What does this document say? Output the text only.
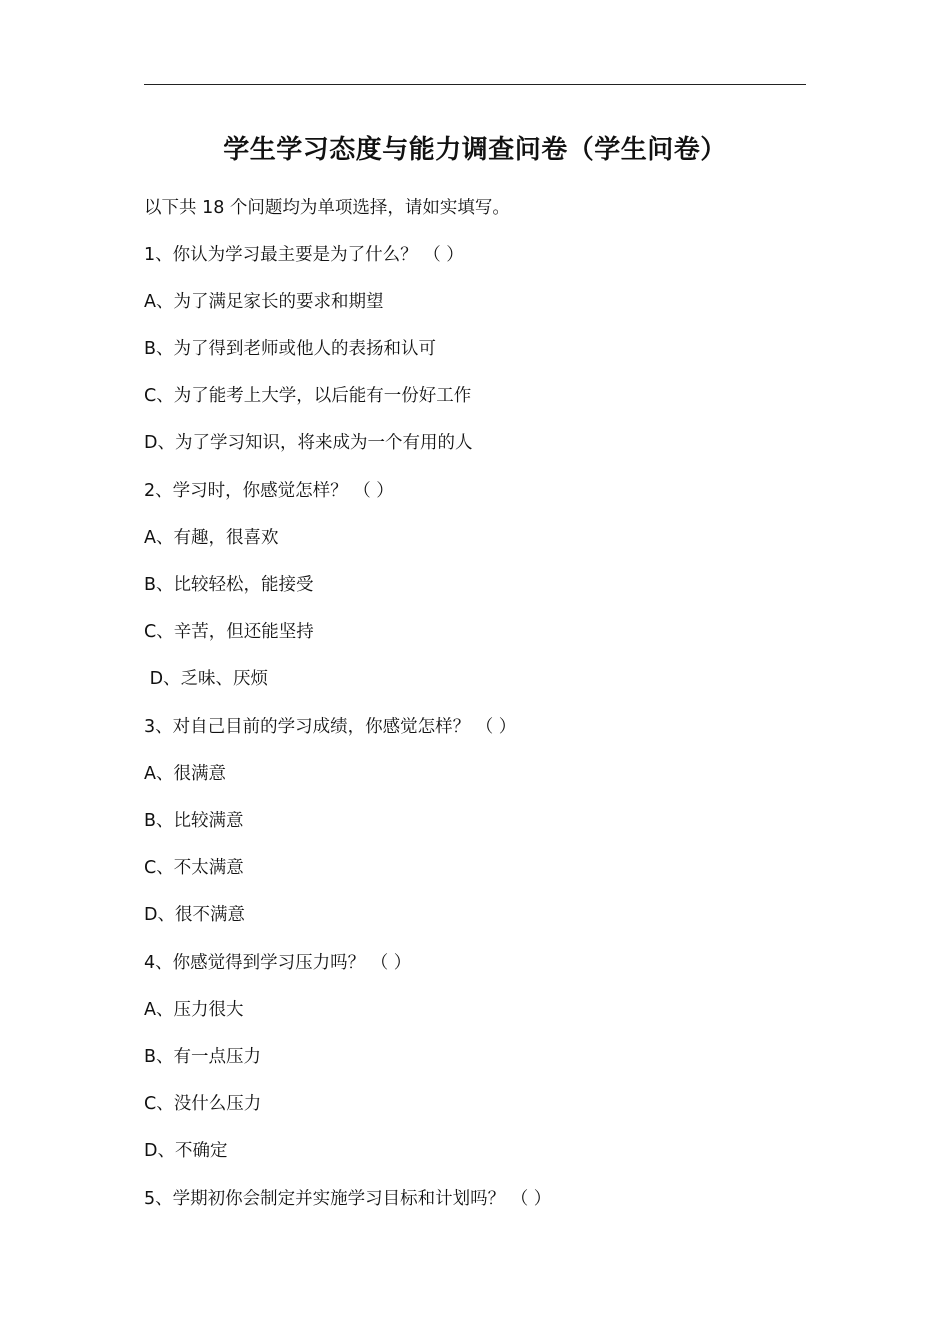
学生学习态度与能力调查问卷（学生问卷）
以下共 18 个问题均为单项选择，请如实填写。
1、你认为学习最主要是为了什么？ （ ）
A、为了满足家长的要求和期望
B、为了得到老师或他人的表扬和认可
C、为了能考上大学，以后能有一份好工作
D、为了学习知识，将来成为一个有用的人
2、学习时，你感觉怎样？ （ ）
A、有趣，很喜欢
B、比较轻松，能接受
C、辛苦，但还能坚持
D、乏味、厌烦
3、对自己目前的学习成绩，你感觉怎样？ （ ）
A、很满意
B、比较满意
C、不太满意
D、很不满意
4、你感觉得到学习压力吗？ （ ）
A、压力很大
B、有一点压力
C、没什么压力
D、不确定
5、学期初你会制定并实施学习目标和计划吗？ （ ）
